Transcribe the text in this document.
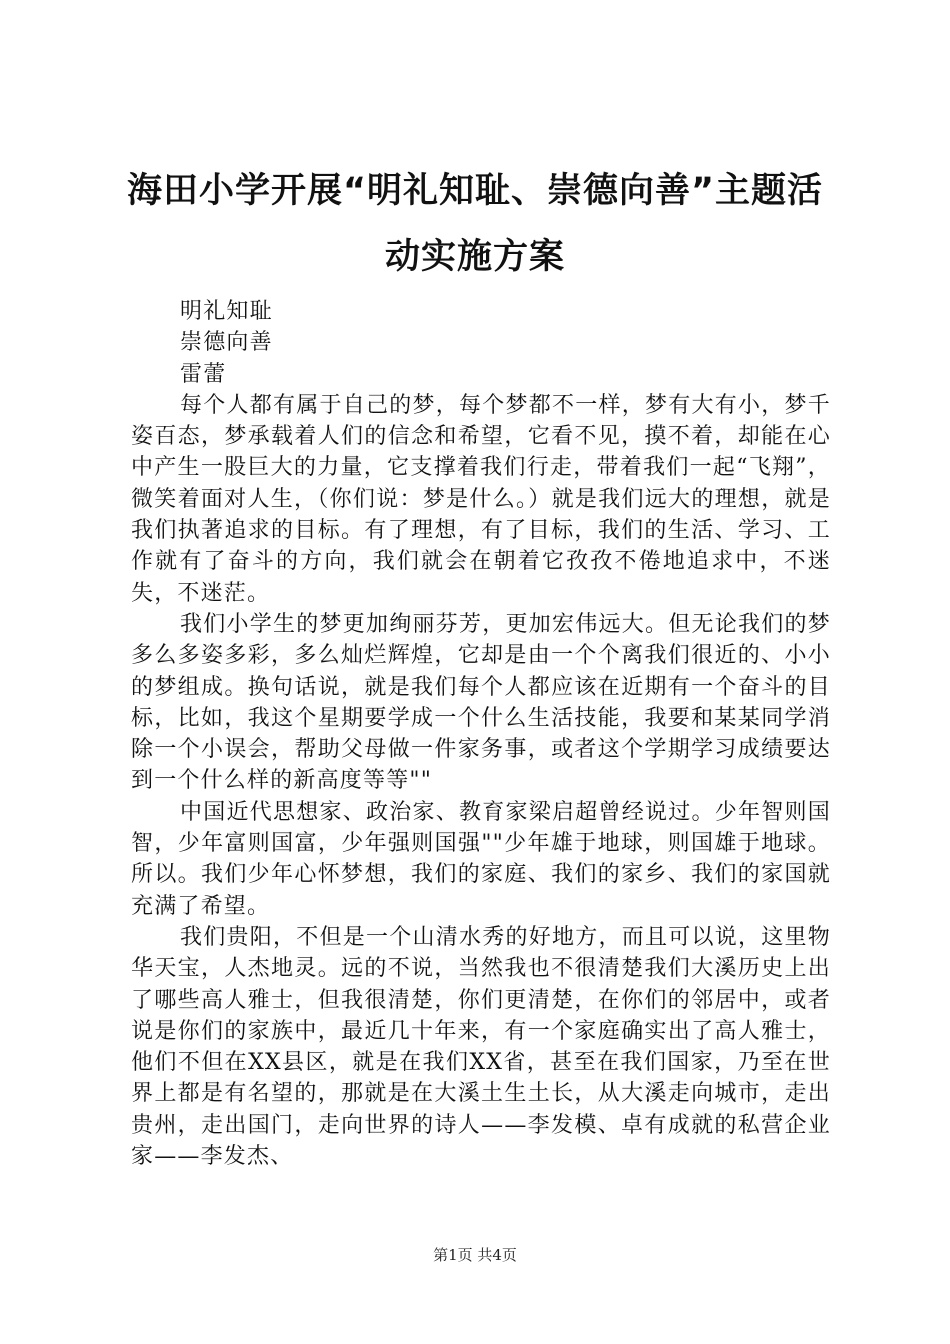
海田小学开展“明礼知耻、崇德向善”主题活
动实施方案

明礼知耻

崇德向善

雷蕾

每个人都有属于自己的梦，每个梦都不一样，梦有大有小，梦千姿百态，梦承载着人们的信念和希望，它看不见，摸不着，却能在心中产生一股巨大的力量，它支撑着我们行走，带着我们一起“飞翔”，微笑着面对人生，（你们说：梦是什么。）就是我们远大的理想，就是我们执著追求的目标。有了理想，有了目标，我们的生活、学习、工作就有了奋斗的方向，我们就会在朝着它孜孜不倦地追求中，不迷失，不迷茫。

我们小学生的梦更加绚丽芬芳，更加宏伟远大。但无论我们的梦多么多姿多彩，多么灿烂辉煌，它却是由一个个离我们很近的、小小的梦组成。换句话说，就是我们每个人都应该在近期有一个奋斗的目标，比如，我这个星期要学成一个什么生活技能，我要和某某同学消除一个小误会，帮助父母做一件家务事，或者这个学期学习成绩要达到一个什么样的新高度等等""

中国近代思想家、政治家、教育家梁启超曾经说过。少年智则国智，少年富则国富，少年强则国强""少年雄于地球，则国雄于地球。所以。我们少年心怀梦想，我们的家庭、我们的家乡、我们的家国就充满了希望。

我们贵阳，不但是一个山清水秀的好地方，而且可以说，这里物华天宝，人杰地灵。远的不说，当然我也不很清楚我们大溪历史上出了哪些高人雅士，但我很清楚，你们更清楚，在你们的邻居中，或者说是你们的家族中，最近几十年来，有一个家庭确实出了高人雅士，他们不但在XX县区，就是在我们XX省，甚至在我们国家，乃至在世界上都是有名望的，那就是在大溪土生土长，从大溪走向城市，走出贵州，走出国门，走向世界的诗人——李发模、卓有成就的私营企业家——李发杰、

第1页 共4页
